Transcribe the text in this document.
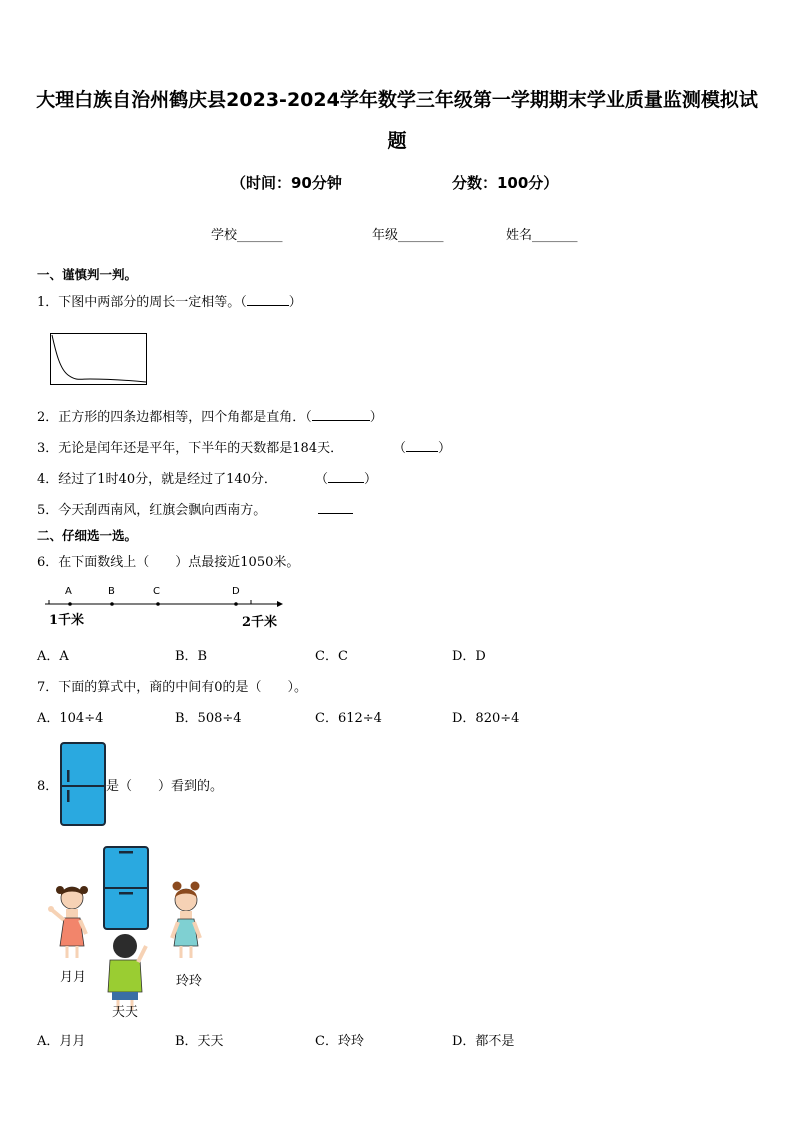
大理白族自治州鹤庆县2023-2024学年数学三年级第一学期期末学业质量监测模拟试
题
（时间：90分钟	分数：100分）
学校_______	年级_______	姓名_______
一、谨慎判一判。
1．下图中两部分的周长一定相等。（	）
2．正方形的四条边都相等，四个角都是直角．（	）
3．无论是闰年还是平年，下半年的天数都是184天．	（ ）
4．经过了1时40分，就是经过了140分．	（	）
5．今天刮西南风，红旗会飘向西南方。
二、仔细选一选。
6．在下面数线上（　　）点最接近1050米。
A	B	C	D
1千米	2千米
A．A	B．B	C．C	D．D
7．下面的算式中，商的中间有0的是（　　）。
A．104÷4	B．508÷4	C．612÷4	D．820÷4
8．	是（　　）看到的。
月月
天天
玲玲
A．月月	B．天天	C．玲玲	D．都不是
